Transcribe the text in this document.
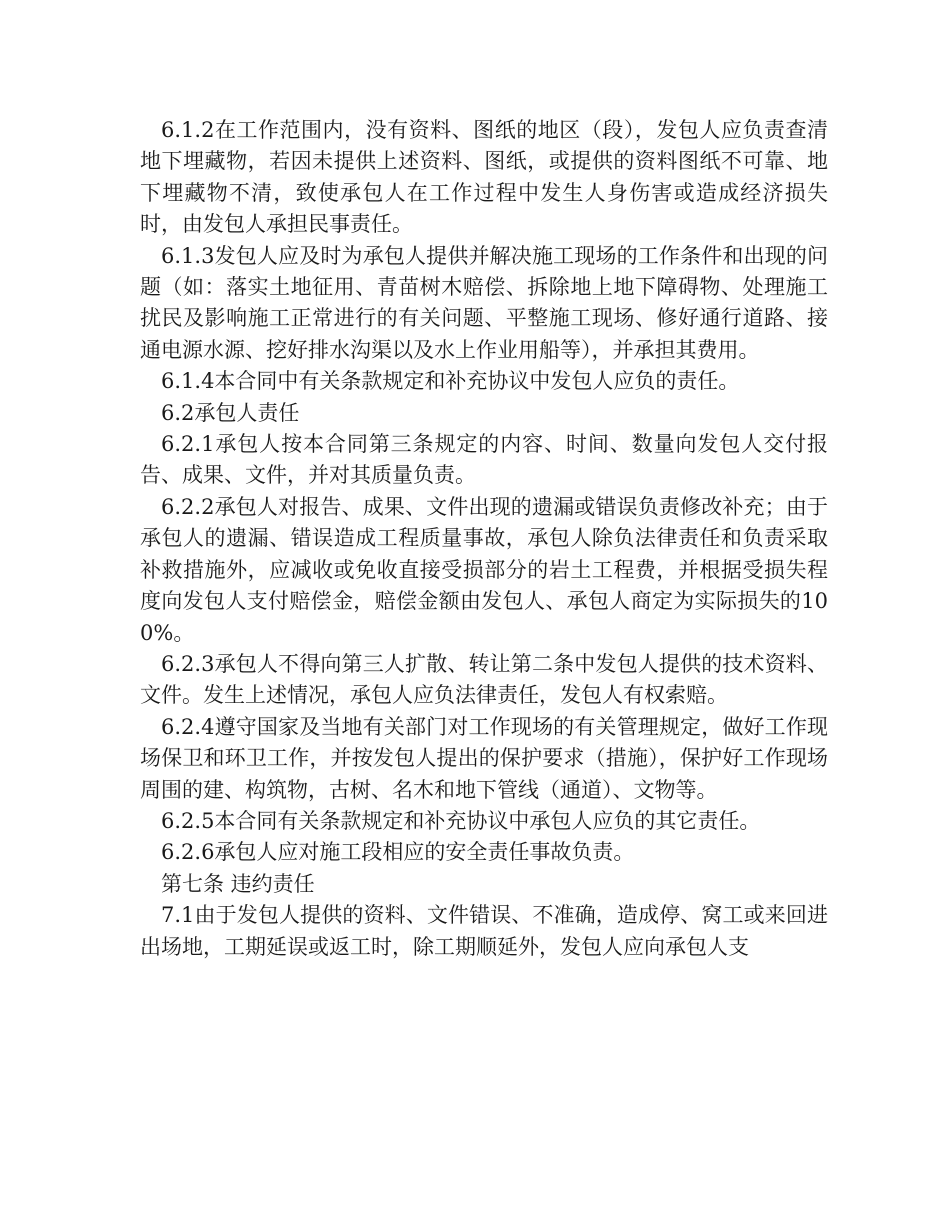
6.1.2在工作范围内，没有资料、图纸的地区（段），发包人应负责查清地下埋藏物，若因未提供上述资料、图纸，或提供的资料图纸不可靠、地下埋藏物不清，致使承包人在工作过程中发生人身伤害或造成经济损失时，由发包人承担民事责任。

6.1.3发包人应及时为承包人提供并解决施工现场的工作条件和出现的问题（如：落实土地征用、青苗树木赔偿、拆除地上地下障碍物、处理施工扰民及影响施工正常进行的有关问题、平整施工现场、修好通行道路、接通电源水源、挖好排水沟渠以及水上作业用船等），并承担其费用。

6.1.4本合同中有关条款规定和补充协议中发包人应负的责任。

6.2承包人责任

6.2.1承包人按本合同第三条规定的内容、时间、数量向发包人交付报告、成果、文件，并对其质量负责。

6.2.2承包人对报告、成果、文件出现的遗漏或错误负责修改补充；由于承包人的遗漏、错误造成工程质量事故，承包人除负法律责任和负责采取补救措施外，应减收或免收直接受损部分的岩土工程费，并根据受损失程度向发包人支付赔偿金，赔偿金额由发包人、承包人商定为实际损失的100%。

6.2.3承包人不得向第三人扩散、转让第二条中发包人提供的技术资料、文件。发生上述情况，承包人应负法律责任，发包人有权索赔。

6.2.4遵守国家及当地有关部门对工作现场的有关管理规定，做好工作现场保卫和环卫工作，并按发包人提出的保护要求（措施），保护好工作现场周围的建、构筑物，古树、名木和地下管线（通道）、文物等。

6.2.5本合同有关条款规定和补充协议中承包人应负的其它责任。

6.2.6承包人应对施工段相应的安全责任事故负责。

第七条 违约责任

7.1由于发包人提供的资料、文件错误、不准确，造成停、窝工或来回进出场地，工期延误或返工时，除工期顺延外，发包人应向承包人支
